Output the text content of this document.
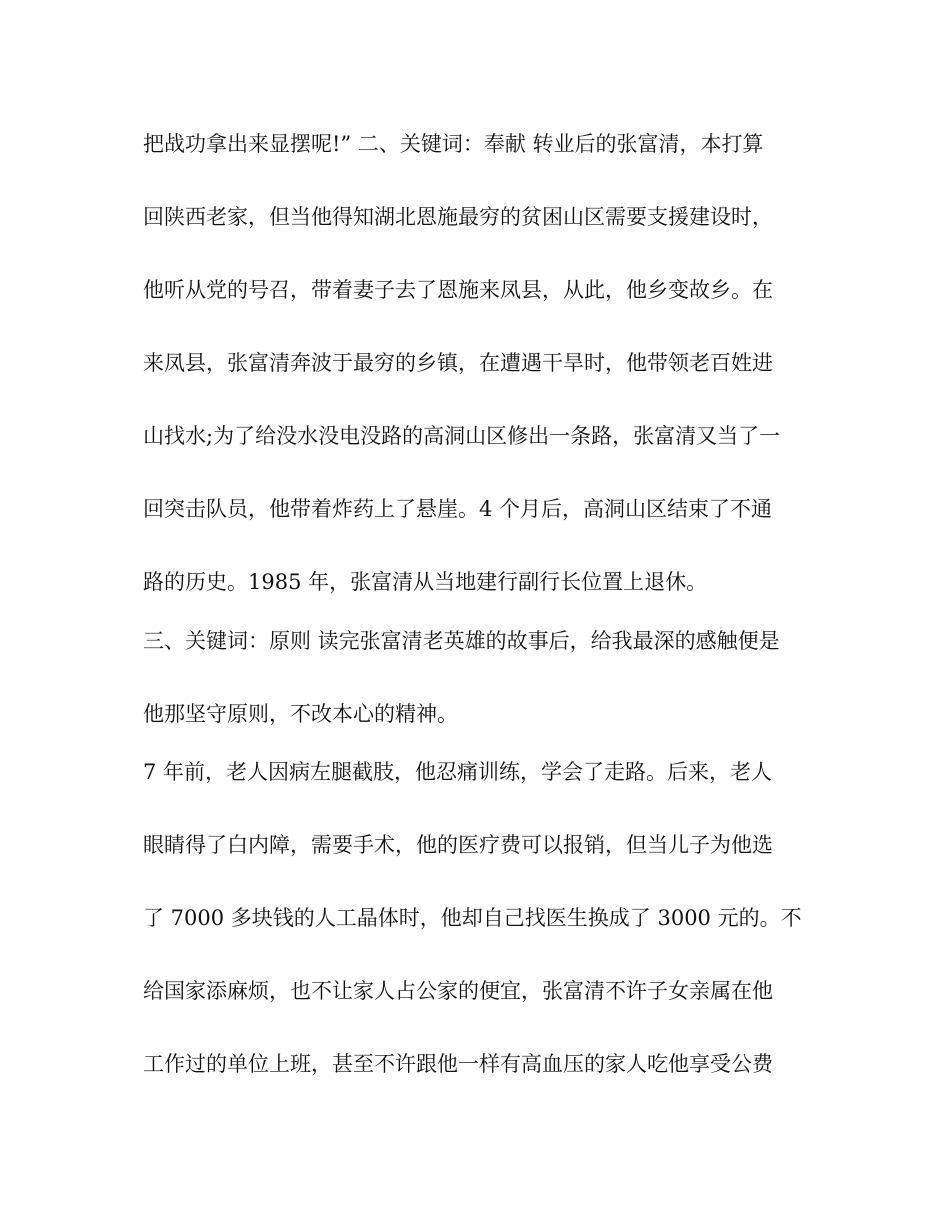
把战功拿出来显摆呢!” 二、关键词：奉献 转业后的张富清，本打算
回陕西老家，但当他得知湖北恩施最穷的贫困山区需要支援建设时，
他听从党的号召，带着妻子去了恩施来凤县，从此，他乡变故乡。在
来凤县，张富清奔波于最穷的乡镇，在遭遇干旱时，他带领老百姓进
山找水;为了给没水没电没路的高洞山区修出一条路，张富清又当了一
回突击队员，他带着炸药上了悬崖。4 个月后，高洞山区结束了不通
路的历史。1985 年，张富清从当地建行副行长位置上退休。
三、关键词：原则 读完张富清老英雄的故事后，给我最深的感触便是
他那坚守原则，不改本心的精神。
7 年前，老人因病左腿截肢，他忍痛训练，学会了走路。后来，老人
眼睛得了白内障，需要手术，他的医疗费可以报销，但当儿子为他选
了 7000 多块钱的人工晶体时，他却自己找医生换成了 3000 元的。不
给国家添麻烦，也不让家人占公家的便宜，张富清不许子女亲属在他
工作过的单位上班，甚至不许跟他一样有高血压的家人吃他享受公费
